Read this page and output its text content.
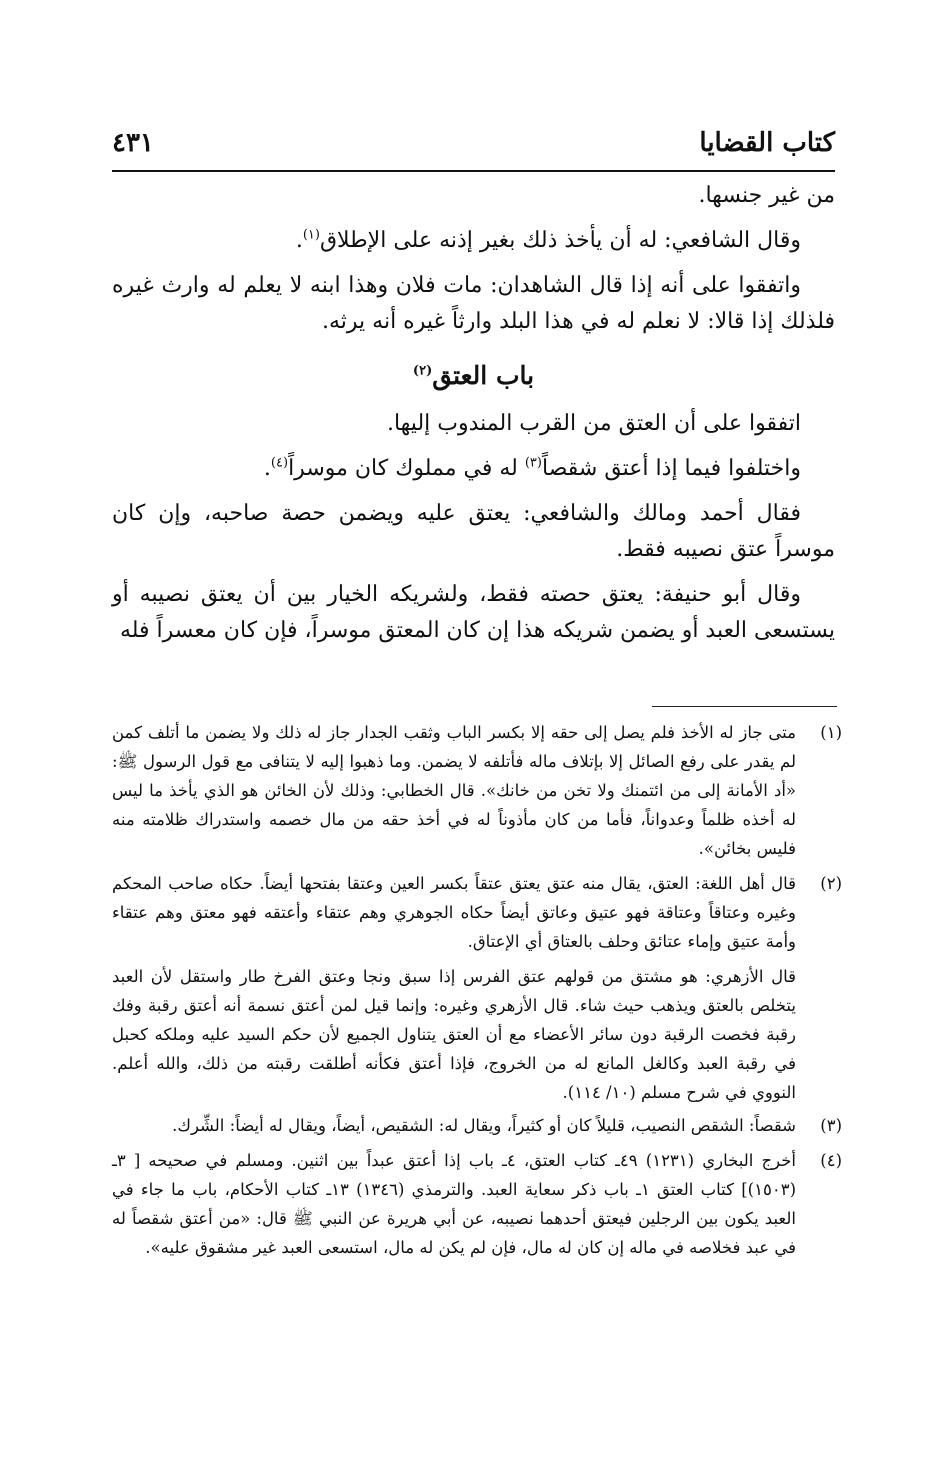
كتاب القضايا
٤٣١

من غير جنسها.

وقال الشافعي: له أن يأخذ ذلك بغير إذنه على الإطلاق$^{(١)}$.

واتفقوا على أنه إذا قال الشاهدان: مات فلان وهذا ابنه لا يعلم له وارث غيره فلذلك إذا قالا: لا نعلم له في هذا البلد وارثاً غيره أنه يرثه.

باب العتق$^{(٢)}$

اتفقوا على أن العتق من القرب المندوب إليها.

واختلفوا فيما إذا أعتق شقصاً$^{(٣)}$ له في مملوك كان موسراً$^{(٤)}$.

فقال أحمد ومالك والشافعي: يعتق عليه ويضمن حصة صاحبه، وإن كان موسراً عتق نصيبه فقط.

وقال أبو حنيفة: يعتق حصته فقط، ولشريكه الخيار بين أن يعتق نصيبه أو يستسعى العبد أو يضمن شريكه هذا إن كان المعتق موسراً، فإن كان معسراً فله

(١)
متى جاز له الأخذ فلم يصل إلى حقه إلا بكسر الباب وثقب الجدار جاز له ذلك ولا يضمن ما أتلف كمن لم يقدر على رفع الصائل إلا بإتلاف ماله فأتلفه لا يضمن. وما ذهبوا إليه لا يتنافى مع قول الرسول ﷺ: «أد الأمانة إلى من ائتمنك ولا تخن من خانك». قال الخطابي: وذلك لأن الخائن هو الذي يأخذ ما ليس له أخذه ظلماً وعدواناً، فأما من كان مأذوناً له في أخذ حقه من مال خصمه واستدراك ظلامته منه فليس بخائن».
(٢)
قال أهل اللغة: العتق، يقال منه عتق يعتق عتقاً بكسر العين وعتقا بفتحها أيضاً. حكاه صاحب المحكم وغيره وعتاقاً وعتاقة فهو عتيق وعاتق أيضاً حكاه الجوهري وهم عتقاء وأعتقه فهو معتق وهم عتقاء وأمة عتيق وإماء عتائق وحلف بالعتاق أي الإعتاق.
قال الأزهري: هو مشتق من قولهم عتق الفرس إذا سبق ونجا وعتق الفرخ طار واستقل لأن العبد يتخلص بالعتق ويذهب حيث شاء. قال الأزهري وغيره: وإنما قيل لمن أعتق نسمة أنه أعتق رقبة وفك رقبة فخصت الرقبة دون سائر الأعضاء مع أن العتق يتناول الجميع لأن حكم السيد عليه وملكه كحبل في رقبة العبد وكالغل المانع له من الخروج، فإذا أعتق فكأنه أطلقت رقبته من ذلك، والله أعلم. النووي في شرح مسلم (١٠/ ١١٤).
(٣)
شقصاً: الشقص النصيب، قليلاً كان أو كثيراً، ويقال له: الشقيص، أيضاً، ويقال له أيضاً: الشِّرك.
(٤)
أخرج البخاري (١٢٣١) ٤٩ـ كتاب العتق، ٤ـ باب إذا أعتق عبداً بين اثنين. ومسلم في صحيحه [ ٣ـ (١٥٠٣)] كتاب العتق ١ـ باب ذكر سعاية العبد. والترمذي (١٣٤٦) ١٣ـ كتاب الأحكام، باب ما جاء في العبد يكون بين الرجلين فيعتق أحدهما نصيبه، عن أبي هريرة عن النبي ﷺ قال: «من أعتق شقصاً له في عبد فخلاصه في ماله إن كان له مال، فإن لم يكن له مال، استسعى العبد غير مشقوق عليه».
